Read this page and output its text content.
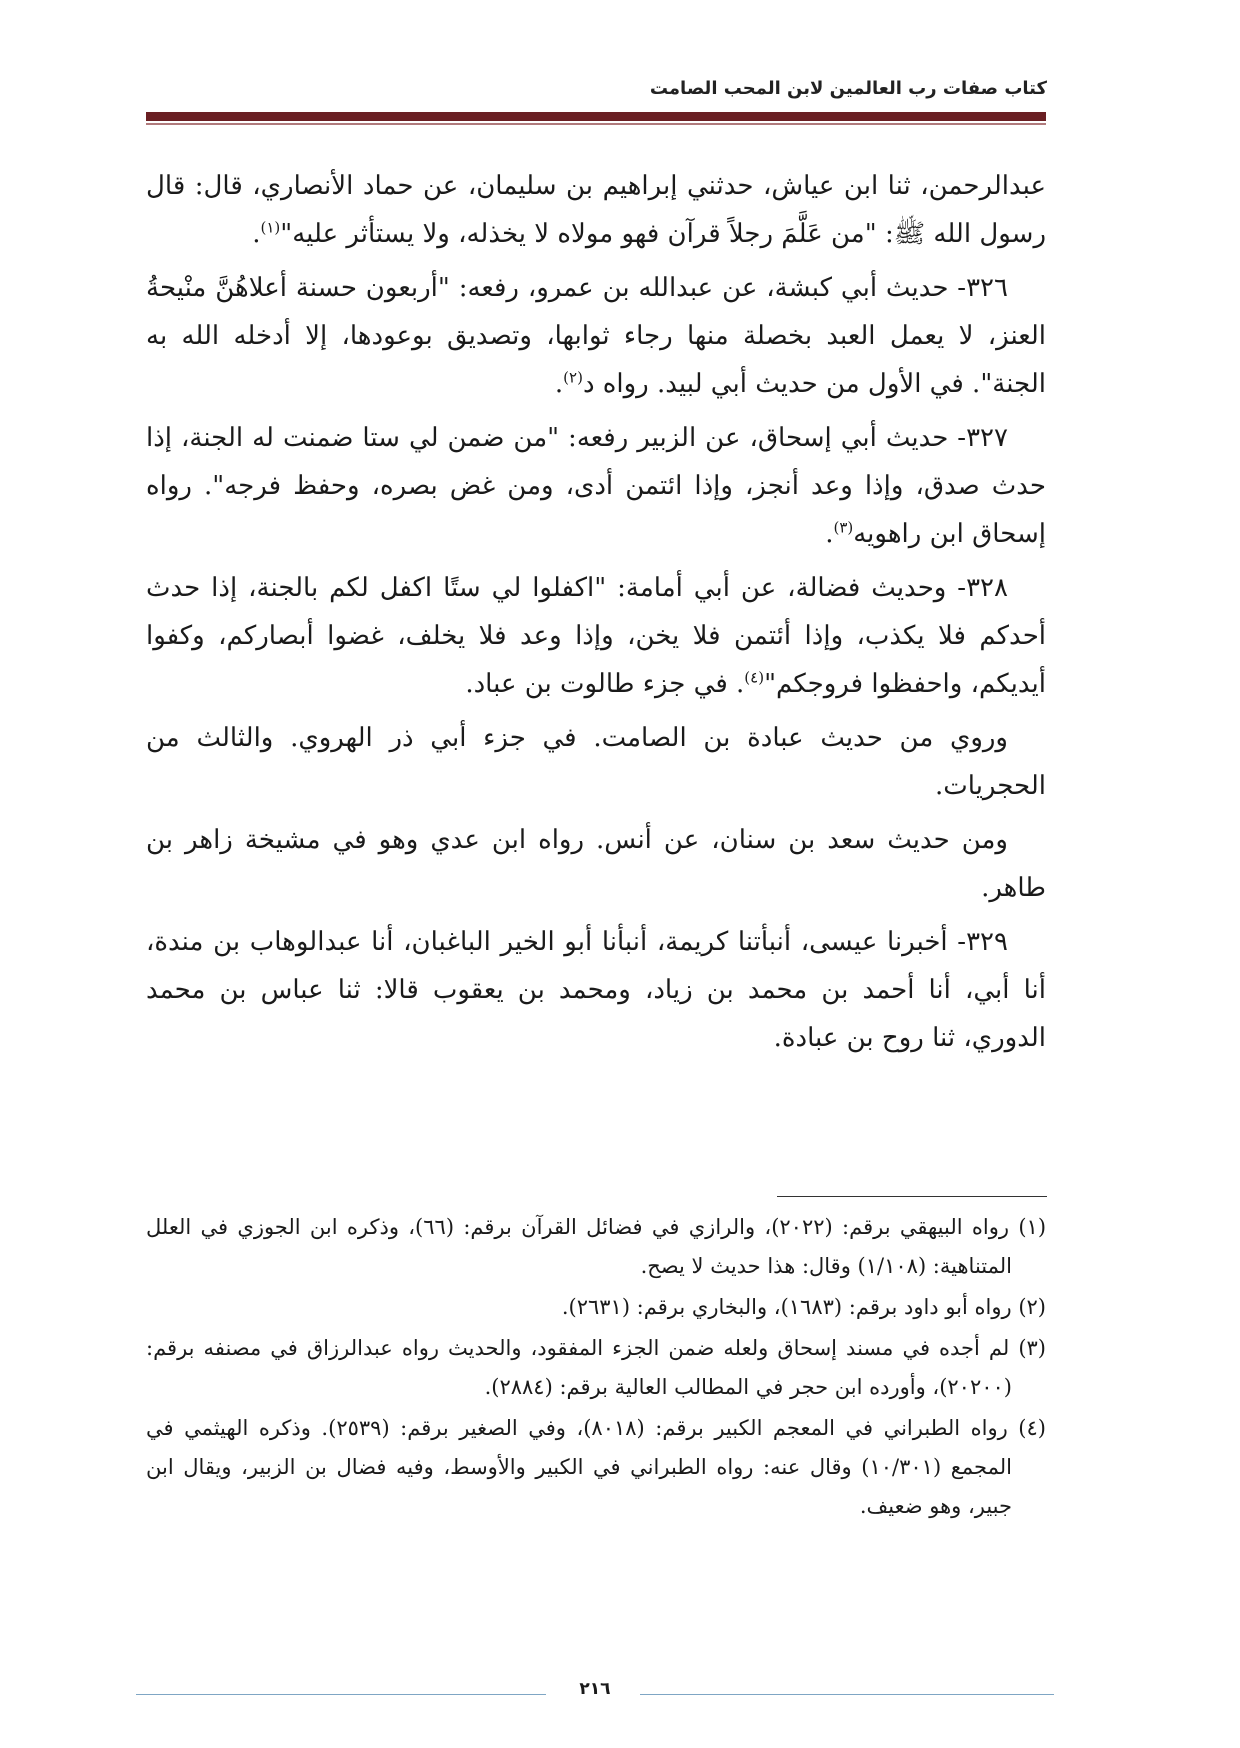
كتاب صفات رب العالمين لابن المحب الصامت

عبدالرحمن، ثنا ابن عياش، حدثني إبراهيم بن سليمان، عن حماد الأنصاري، قال: قال رسول الله ﷺ: "من عَلَّمَ رجلاً قرآن فهو مولاه لا يخذله، ولا يستأثر عليه"$^{(١)}$.

٣٢٦- حديث أبي كبشة، عن عبدالله بن عمرو، رفعه: "أربعون حسنة أعلاهُنَّ منْيحةُ العنز، لا يعمل العبد بخصلة منها رجاء ثوابها، وتصديق بوعودها، إلا أدخله الله به الجنة". في الأول من حديث أبي لبيد. رواه د$^{(٢)}$.

٣٢٧- حديث أبي إسحاق، عن الزبير رفعه: "من ضمن لي ستا ضمنت له الجنة، إذا حدث صدق، وإذا وعد أنجز، وإذا ائتمن أدى، ومن غض بصره، وحفظ فرجه". رواه إسحاق ابن راهويه$^{(٣)}$.

٣٢٨- وحديث فضالة، عن أبي أمامة: "اكفلوا لي ستًا اكفل لكم بالجنة، إذا حدث أحدكم فلا يكذب، وإذا أئتمن فلا يخن، وإذا وعد فلا يخلف، غضوا أبصاركم، وكفوا أيديكم، واحفظوا فروجكم"$^{(٤)}$. في جزء طالوت بن عباد.

وروي من حديث عبادة بن الصامت. في جزء أبي ذر الهروي. والثالث من الحجريات.

ومن حديث سعد بن سنان، عن أنس. رواه ابن عدي وهو في مشيخة زاهر بن طاهر.

٣٢٩- أخبرنا عيسى، أنبأتنا كريمة، أنبأنا أبو الخير الباغبان، أنا عبدالوهاب بن مندة، أنا أبي، أنا أحمد بن محمد بن زياد، ومحمد بن يعقوب قالا: ثنا عباس بن محمد الدوري، ثنا روح بن عبادة.

(١) رواه البيهقي برقم: (٢٠٢٢)، والرازي في فضائل القرآن برقم: (٦٦)، وذكره ابن الجوزي في العلل المتناهية: (١/١٠٨) وقال: هذا حديث لا يصح.

(٢) رواه أبو داود برقم: (١٦٨٣)، والبخاري برقم: (٢٦٣١).

(٣) لم أجده في مسند إسحاق ولعله ضمن الجزء المفقود، والحديث رواه عبدالرزاق في مصنفه برقم: (٢٠٢٠٠)، وأورده ابن حجر في المطالب العالية برقم: (٢٨٨٤).

(٤) رواه الطبراني في المعجم الكبير برقم: (٨٠١٨)، وفي الصغير برقم: (٢٥٣٩). وذكره الهيثمي في المجمع (١٠/٣٠١) وقال عنه: رواه الطبراني في الكبير والأوسط، وفيه فضال بن الزبير، ويقال ابن جبير، وهو ضعيف.

٢١٦
